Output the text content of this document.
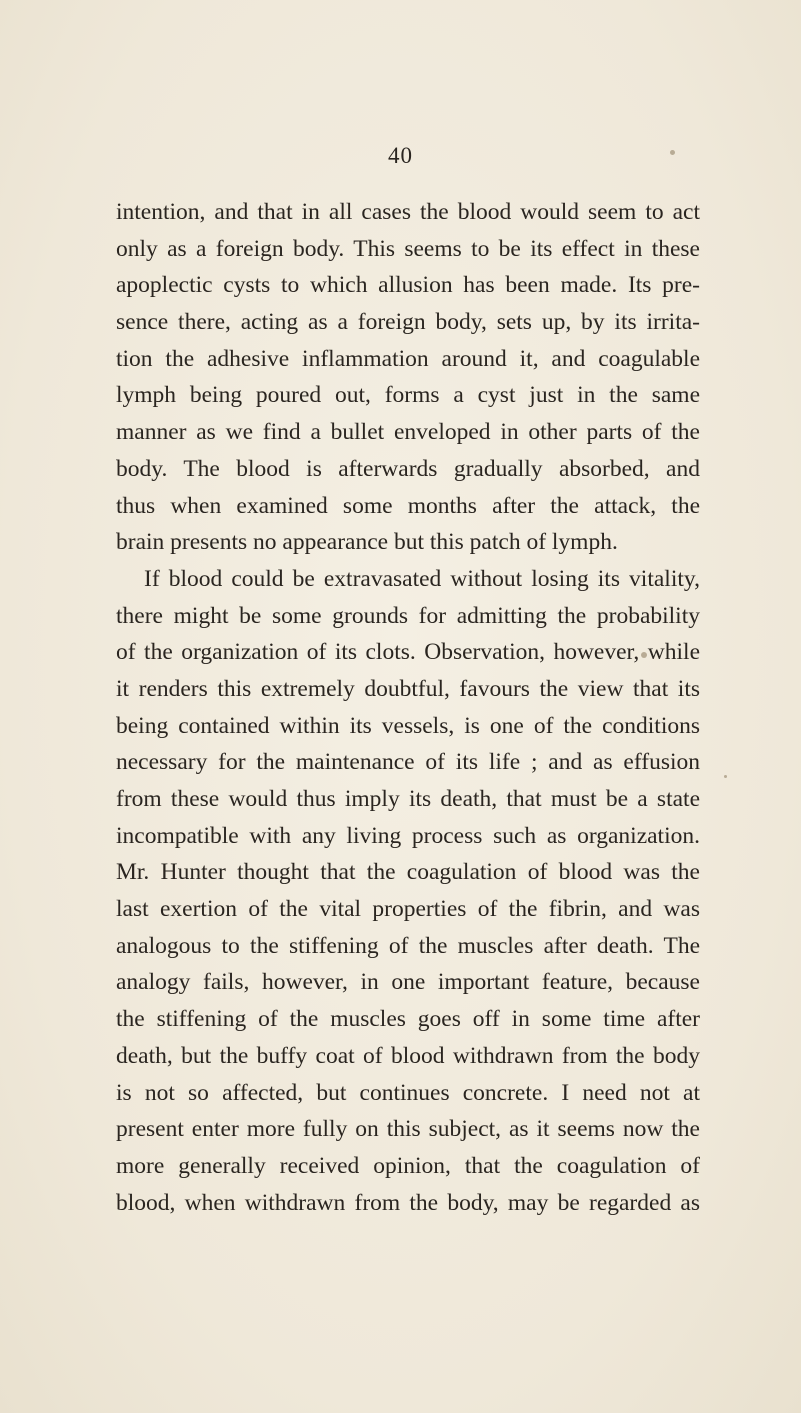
40
intention, and that in all cases the blood would seem to act
only as a foreign body. This seems to be its effect in these
apoplectic cysts to which allusion has been made. Its pre-
sence there, acting as a foreign body, sets up, by its irrita-
tion the adhesive inflammation around it, and coagulable
lymph being poured out, forms a cyst just in the same
manner as we find a bullet enveloped in other parts of the
body. The blood is afterwards gradually absorbed, and
thus when examined some months after the attack, the
brain presents no appearance but this patch of lymph.
If blood could be extravasated without losing its vitality,
there might be some grounds for admitting the probability
of the organization of its clots. Observation, however, while
it renders this extremely doubtful, favours the view that its
being contained within its vessels, is one of the conditions
necessary for the maintenance of its life ; and as effusion
from these would thus imply its death, that must be a state
incompatible with any living process such as organization.
Mr. Hunter thought that the coagulation of blood was the
last exertion of the vital properties of the fibrin, and was
analogous to the stiffening of the muscles after death. The
analogy fails, however, in one important feature, because
the stiffening of the muscles goes off in some time after
death, but the buffy coat of blood withdrawn from the body
is not so affected, but continues concrete. I need not at
present enter more fully on this subject, as it seems now the
more generally received opinion, that the coagulation of
blood, when withdrawn from the body, may be regarded as
